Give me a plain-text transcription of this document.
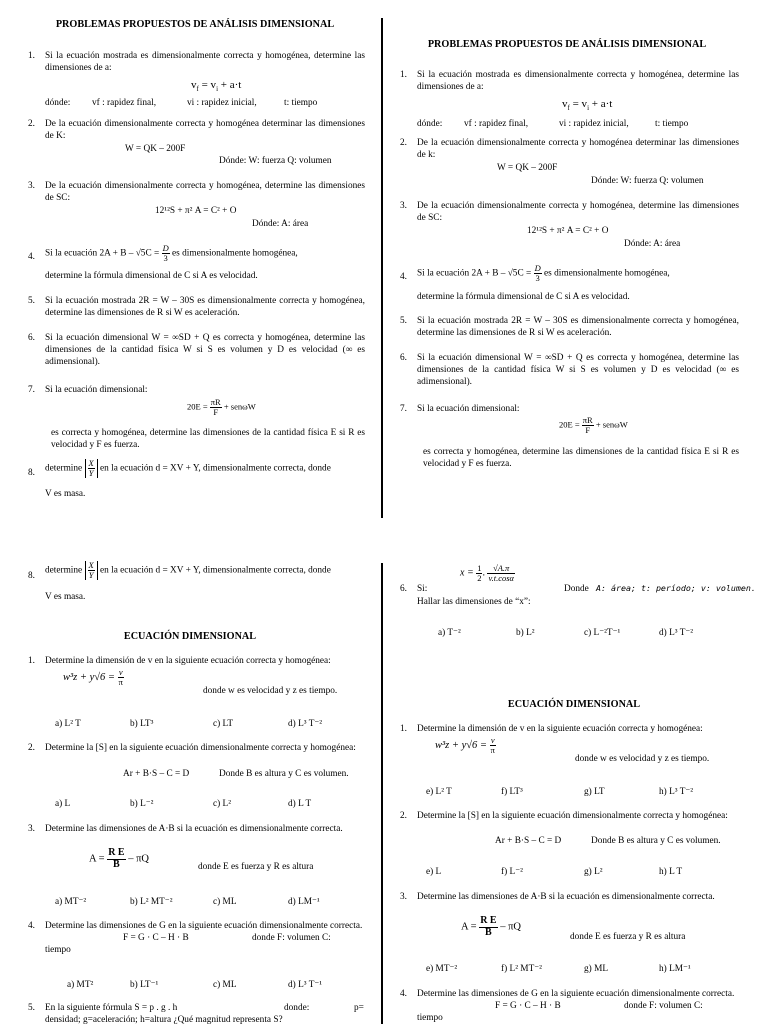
PROBLEMAS PROPUESTOS DE ANÁLISIS DIMENSIONAL
1. Si la ecuación mostrada es dimensionalmente correcta y homogénea, determine las dimensiones de a:
$v_f = v_i + a\cdot t$
dónde: vf : rapidez final,	vi : rapidez inicial,	t: tiempo
2. De la ecuación dimensionalmente correcta y homogénea determinar las dimensiones de K:
W = QK – 200F
Dónde: W: fuerza Q: volumen
3. De la ecuación dimensionalmente correcta y homogénea, determine las dimensiones de SC:
12¹²S + π² A = C² + O
Dónde: A: área
4. Si la ecuación $2A + B - √5C = \frac{D}{3}$ es dimensionalmente homogénea,
determine la fórmula dimensional de C si A es velocidad.
5. Si la ecuación mostrada 2R = W – 30S es dimensionalmente correcta y homogénea, determine las dimensiones de R si W es aceleración.
6. Si la ecuación dimensional W = ∞SD + Q es correcta y homogénea, determine las dimensiones de la cantidad física W si S es volumen y D es velocidad (∞ es adimensional).
7. Si la ecuación dimensional:
$20E = \frac{\pi R}{F} + sen\omega W$
es correcta y homogénea, determine las dimensiones de la cantidad física E si R es velocidad y F es fuerza.
8. determine $\frac{X}{Y}$ en la ecuación d = XV + Y, dimensionalmente correcta, donde
V es masa.
PROBLEMAS PROPUESTOS DE ANÁLISIS DIMENSIONAL
1. Si la ecuación mostrada es dimensionalmente correcta y homogénea, determine las dimensiones de a:
$v_f = v_i + a\cdot t$
dónde: vf : rapidez final,	vi : rapidez inicial,	t: tiempo
2. De la ecuación dimensionalmente correcta y homogénea determinar las dimensiones de k:
W = QK – 200F
Dónde: W: fuerza Q: volumen
3. De la ecuación dimensionalmente correcta y homogénea, determine las dimensiones de SC:
12¹²S + π² A = C² + O
Dónde: A: área
4. Si la ecuación $2A + B - √5C = \frac{D}{3}$ es dimensionalmente homogénea,
determine la fórmula dimensional de C si A es velocidad.
5. Si la ecuación mostrada 2R = W – 30S es dimensionalmente correcta y homogénea, determine las dimensiones de R si W es aceleración.
6. Si la ecuación dimensional W = ∞SD + Q es correcta y homogénea, determine las dimensiones de la cantidad física W si S es volumen y D es velocidad (∞ es adimensional).
7. Si la ecuación dimensional:
$20E = \frac{\pi R}{F} + sen\omega W$
es correcta y homogénea, determine las dimensiones de la cantidad física E si R es velocidad y F es fuerza.
8.
determine $\frac{X}{Y}$ en la ecuación d = XV + Y, dimensionalmente correcta, donde
V es masa.
ECUACIÓN DIMENSIONAL
1. Determine la dimensión de v en la siguiente ecuación correcta y homogénea:
$w^3z + y√6 = \frac{v}{\pi}$
donde w es velocidad y z es tiempo.
a) L² T	b) LT³	c) LT	d) L³ T⁻²
2. Determine la [S] en la siguiente ecuación dimensionalmente correcta y homogénea:
Ar + B·S – C = D	Donde B es altura y C es volumen.
a) L	b) L⁻²	c) L²	d) L T
3. Determine las dimensiones de A·B si la ecuación es dimensionalmente correcta.
$A = \frac{\text{R E}}{B} - \pi Q$
donde E es fuerza y R es altura
a) MT⁻²	b) L² MT⁻²	c) ML	d) LM⁻¹
4. Determine las dimensiones de G en la siguiente ecuación dimensionalmente correcta.
F = G · C – H · B	donde F: volumen C:
tiempo
a) MT²	b) LT⁻¹	c) ML	d) L³ T⁻¹
5. En la siguiente fórmula S = p . g . h	donde:	p=
densidad; g=aceleración; h=altura ¿Qué magnitud representa S?
6. Si:
$x = \frac{1}{2}$ . $\frac{√A.\pi}{v.t.\cos\alpha}$
Donde A: área; t: período; v: volumen.
Hallar las dimensiones de “x”:
a) T⁻²	b) L²	c) L⁻²T⁻¹	d) L³ T⁻²
ECUACIÓN DIMENSIONAL
1. Determine la dimensión de v en la siguiente ecuación correcta y homogénea:
$w^3z + y√6 = \frac{v}{\pi}$
donde w es velocidad y z es tiempo.
e) L² T	f) LT³	g) LT	h) L³ T⁻²
2. Determine la [S] en la siguiente ecuación dimensionalmente correcta y homogénea:
Ar + B·S – C = D	Donde B es altura y C es volumen.
e) L	f) L⁻²	g) L²	h) L T
3. Determine las dimensiones de A·B si la ecuación es dimensionalmente correcta.
$A = \frac{\text{R E}}{B} - \pi Q$
donde E es fuerza y R es altura
e) MT⁻²	f) L² MT⁻²	g) ML	h) LM⁻¹
4. Determine las dimensiones de G en la siguiente ecuación dimensionalmente correcta.
F = G · C – H · B	donde F: volumen C:
tiempo
